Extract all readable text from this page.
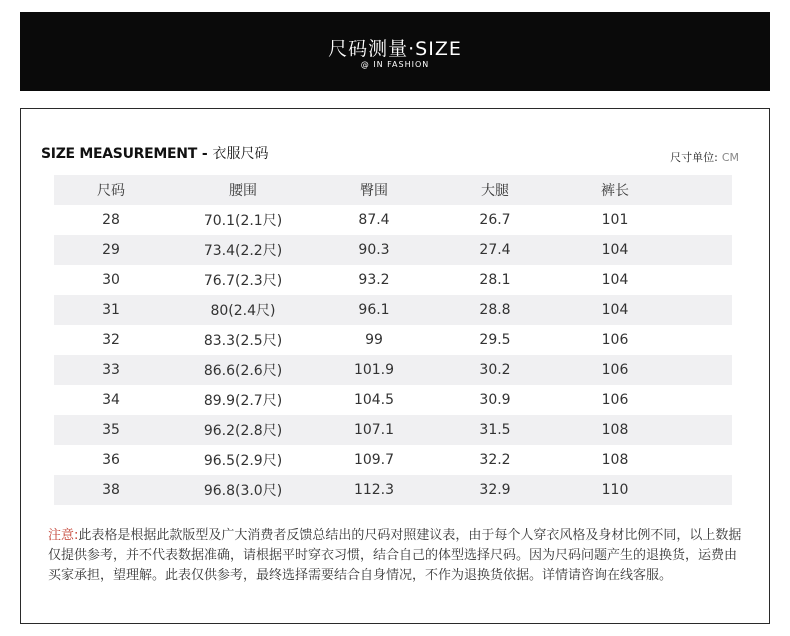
尺码测量·SIZE
@ IN FASHION
SIZE MEASUREMENT - 衣服尺码	尺寸单位: CM
尺码	腰围	臀围	大腿	裤长
28	70.1(2.1尺)	87.4	26.7	101
29	73.4(2.2尺)	90.3	27.4	104
30	76.7(2.3尺)	93.2	28.1	104
31	80(2.4尺)	96.1	28.8	104
32	83.3(2.5尺)	99	29.5	106
33	86.6(2.6尺)	101.9	30.2	106
34	89.9(2.7尺)	104.5	30.9	106
35	96.2(2.8尺)	107.1	31.5	108
36	96.5(2.9尺)	109.7	32.2	108
38	96.8(3.0尺)	112.3	32.9	110
注意:此表格是根据此款版型及广大消费者反馈总结出的尺码对照建议表，由于每个人穿衣风格及身材比例不同，以上数据仅提供参考，并不代表数据准确，请根据平时穿衣习惯，结合自己的体型选择尺码。因为尺码问题产生的退换货，运费由买家承担，望理解。此表仅供参考，最终选择需要结合自身情况，不作为退换货依据。详情请咨询在线客服。
